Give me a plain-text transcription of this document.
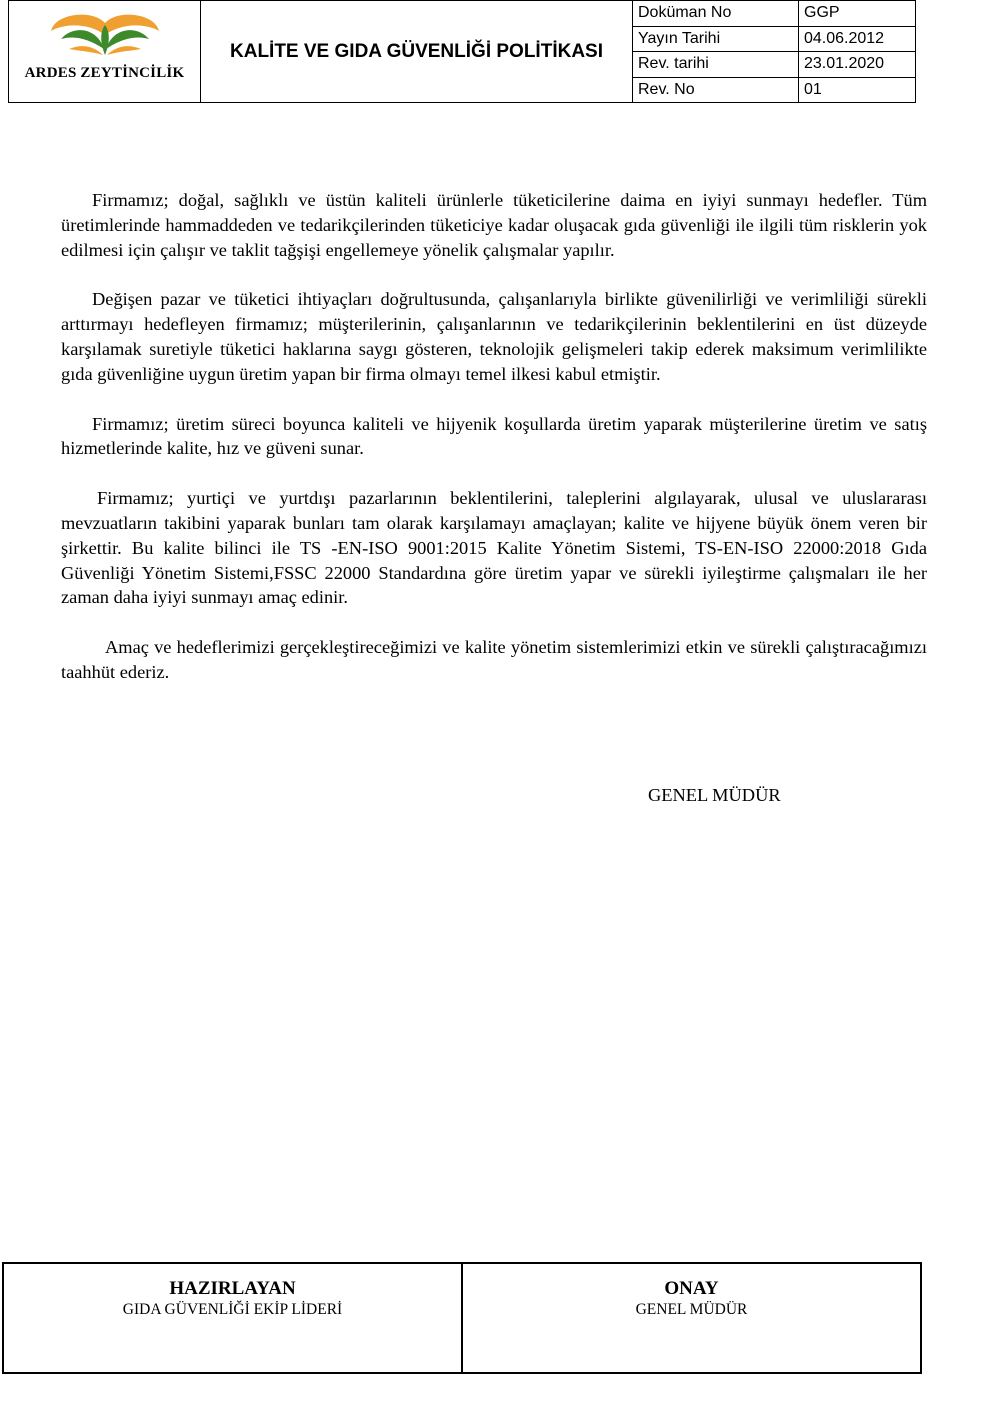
ARDES ZEYTİNCİLİK
KALİTE VE GIDA GÜVENLİĞİ POLİTİKASI
Doküman No	GGP
Yayın Tarihi	04.06.2012
Rev. tarihi	23.01.2020
Rev. No	01

Firmamız; doğal, sağlıklı ve üstün kaliteli ürünlerle tüketicilerine daima en iyiyi sunmayı hedefler. Tüm üretimlerinde hammaddeden ve tedarikçilerinden tüketiciye kadar oluşacak gıda güvenliği ile ilgili tüm risklerin yok edilmesi için çalışır ve taklit tağşişi engellemeye yönelik çalışmalar yapılır.

Değişen pazar ve tüketici ihtiyaçları doğrultusunda, çalışanlarıyla birlikte güvenilirliği ve verimliliği sürekli arttırmayı hedefleyen firmamız; müşterilerinin, çalışanlarının ve tedarikçilerinin beklentilerini en üst düzeyde karşılamak suretiyle tüketici haklarına saygı gösteren, teknolojik gelişmeleri takip ederek maksimum verimlilikte gıda güvenliğine uygun üretim yapan bir firma olmayı temel ilkesi kabul etmiştir.

Firmamız; üretim süreci boyunca kaliteli ve hijyenik koşullarda üretim yaparak müşterilerine üretim ve satış hizmetlerinde kalite, hız ve güveni sunar.

Firmamız; yurtiçi ve yurtdışı pazarlarının beklentilerini, taleplerini algılayarak, ulusal ve uluslararası mevzuatların takibini yaparak bunları tam olarak karşılamayı amaçlayan; kalite ve hijyene büyük önem veren bir şirkettir. Bu kalite bilinci ile TS -EN-ISO 9001:2015 Kalite Yönetim Sistemi, TS-EN-ISO 22000:2018 Gıda Güvenliği Yönetim Sistemi,FSSC 22000 Standardına göre üretim yapar ve sürekli iyileştirme çalışmaları ile her zaman daha iyiyi sunmayı amaç edinir.

Amaç ve hedeflerimizi gerçekleştireceğimizi ve kalite yönetim sistemlerimizi etkin ve sürekli çalıştıracağımızı taahhüt ederiz.

GENEL MÜDÜR
HAZIRLAYAN
GIDA GÜVENLİĞİ EKİP LİDERİ
ONAY
GENEL MÜDÜR
